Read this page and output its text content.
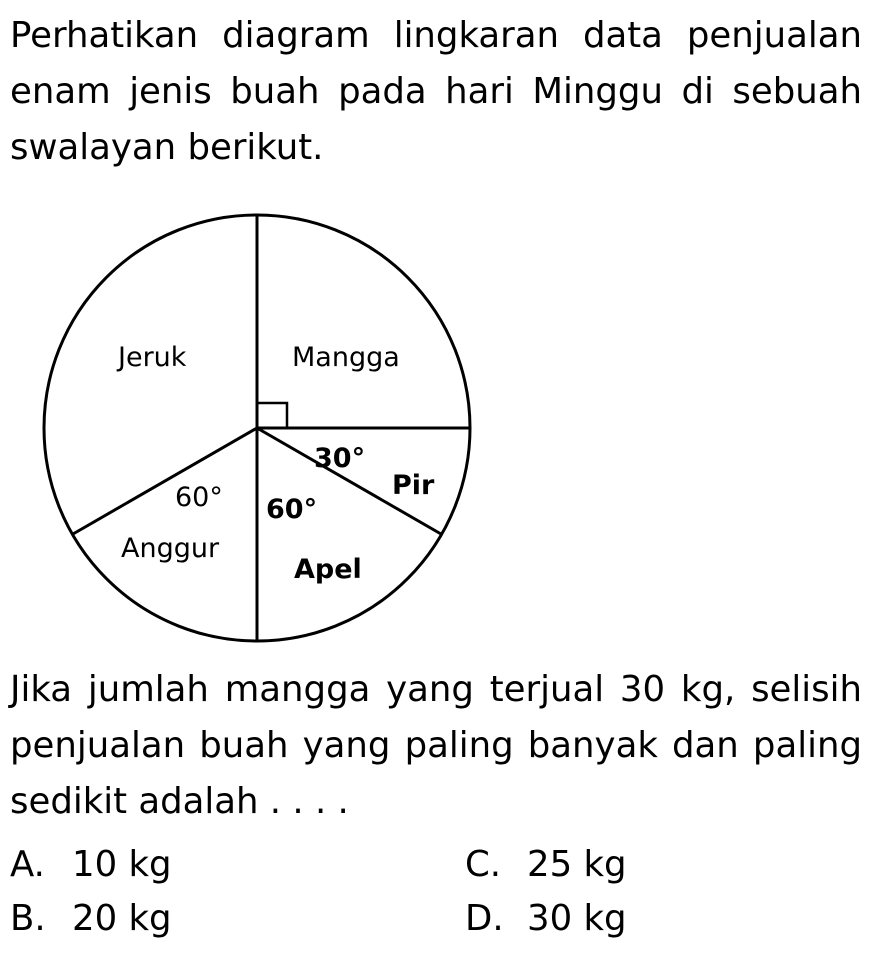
Perhatikan diagram lingkaran data penjualan enam jenis buah pada hari Minggu di sebuah swalayan berikut.

Jeruk	Mangga
30°
Pir
60° 60°
Anggur
Apel

Jika jumlah mangga yang terjual 30 kg, selisih penjualan buah yang paling banyak dan paling sedikit adalah . . . .

A. 10 kg
B. 20 kg
C. 25 kg
D. 30 kg
